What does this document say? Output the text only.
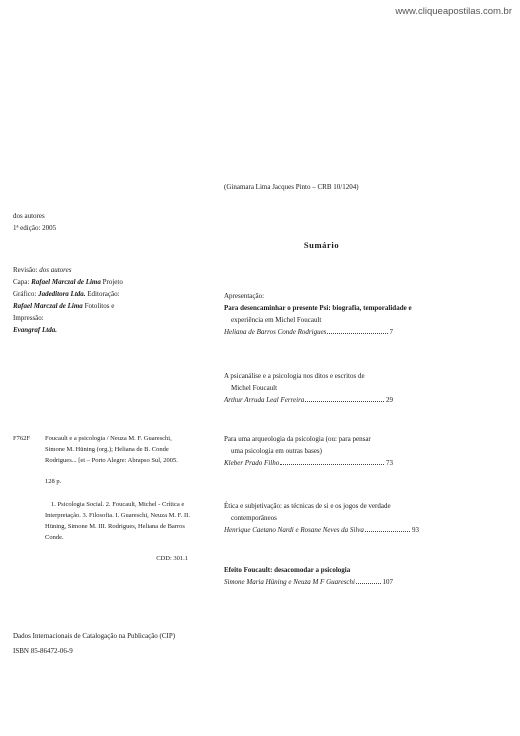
www.cliqueapostilas.com.br
dos autores
1ª edição: 2005
Revisão: dos autores
Capa: Rafael Marczal de Lima Projeto
Gráfico: Jadeditora Ltda. Editoração:
Rafael Marczal de Lima Fotolitos e
Impressão:
Evangraf Ltda.
F762F Foucault e a psicologia / Neuza M. F. Guareschi,
Simone M. Hüning (org.); Heliana de B. Conde
Rodrigues... [et – Porto Alegre: Abrapso Sul, 2005.
128 p.
1. Psicologia Social. 2. Foucault, Michel - Crítica e
Interpretação. 3. Filosofia. I. Guareschi, Neuza M. F. II.
Hüning, Simone M. III. Rodrigues, Heliana de Barros
Conde.
CDD: 301.1
Dados Internacionais de Catalogação na Publicação (CIP)
ISBN 85-86472-06-9
(Ginamara Lima Jacques Pinto – CRB 10/1204)
Sumário
Apresentação:
Para desencaminhar o presente Psi: biografia, temporalidade e
experiência em Michel Foucault
Heliana de Barros Conde Rodrigues	7
A psicanálise e a psicologia nos ditos e escritos de
Michel Foucault
Arthur Arruda Leal Ferreira	29
Para uma arqueologia da psicologia (ou: para pensar
uma psicologia em outras bases)
Kleber Prado Filho	73
Ética e subjetivação: as técnicas de si e os jogos de verdade
contemporâneos
Henrique Caetano Nardi e Rosane Neves da Silva	93
Efeito Foucault: desacomodar a psicologia
Simone Maria Hüning e Neuza M F Guareschi	107
